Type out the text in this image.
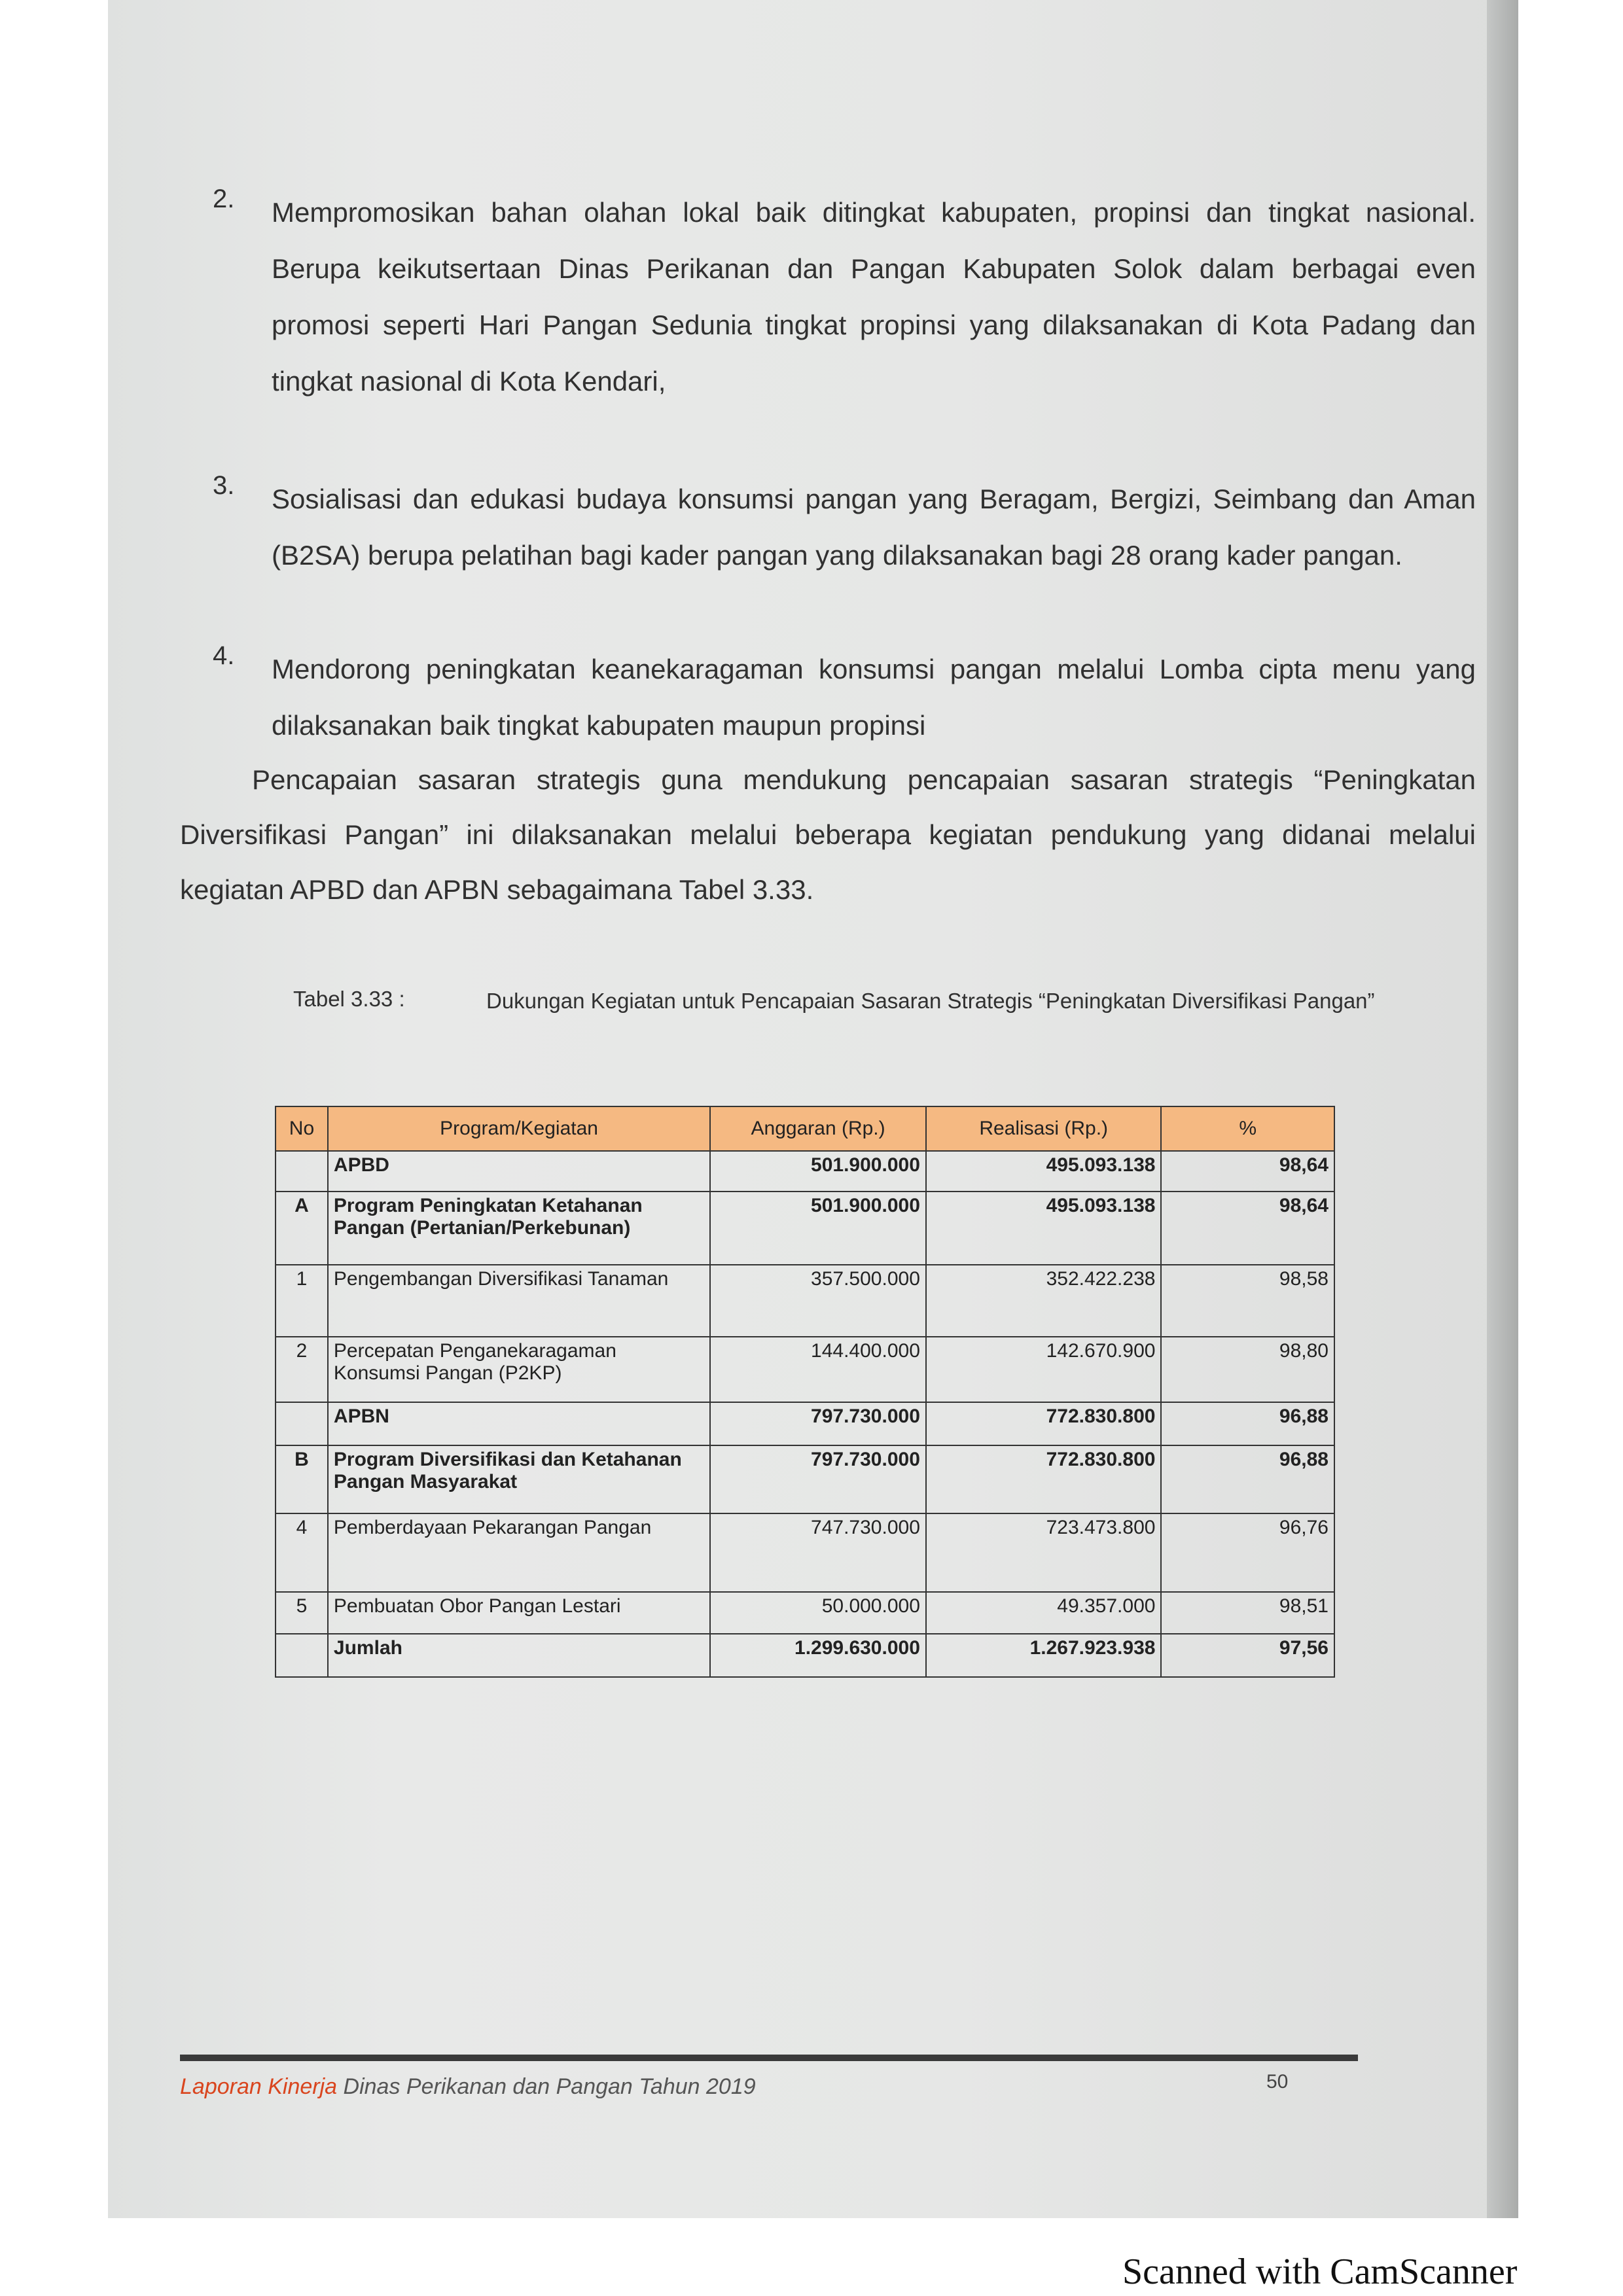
2. Mempromosikan bahan olahan lokal baik ditingkat kabupaten, propinsi dan tingkat nasional. Berupa keikutsertaan Dinas Perikanan dan Pangan Kabupaten Solok dalam berbagai even promosi seperti Hari Pangan Sedunia tingkat propinsi yang dilaksanakan di Kota Padang dan tingkat nasional di Kota Kendari,
3. Sosialisasi dan edukasi budaya konsumsi pangan yang Beragam, Bergizi, Seimbang dan Aman (B2SA) berupa pelatihan bagi kader pangan yang dilaksanakan bagi 28 orang kader pangan.
4. Mendorong peningkatan keanekaragaman konsumsi pangan melalui Lomba cipta menu yang dilaksanakan baik tingkat kabupaten maupun propinsi
Pencapaian sasaran strategis guna mendukung pencapaian sasaran strategis “Peningkatan Diversifikasi Pangan” ini dilaksanakan melalui beberapa kegiatan pendukung yang didanai melalui kegiatan APBD dan APBN sebagaimana Tabel 3.33.
Tabel 3.33 :	Dukungan Kegiatan untuk Pencapaian Sasaran Strategis “Peningkatan Diversifikasi Pangan”
No	Program/Kegiatan	Anggaran (Rp.)	Realisasi (Rp.)	%
	APBD	501.900.000	495.093.138	98,64
A	Program Peningkatan Ketahanan Pangan (Pertanian/Perkebunan)	501.900.000	495.093.138	98,64
1	Pengembangan Diversifikasi Tanaman	357.500.000	352.422.238	98,58
2	Percepatan Penganekaragaman Konsumsi Pangan (P2KP)	144.400.000	142.670.900	98,80
	APBN	797.730.000	772.830.800	96,88
B	Program Diversifikasi dan Ketahanan Pangan Masyarakat	797.730.000	772.830.800	96,88
4	Pemberdayaan Pekarangan Pangan	747.730.000	723.473.800	96,76
5	Pembuatan Obor Pangan Lestari	50.000.000	49.357.000	98,51
	Jumlah	1.299.630.000	1.267.923.938	97,56
Laporan Kinerja Dinas Perikanan dan Pangan Tahun 2019	50
Scanned with CamScanner
